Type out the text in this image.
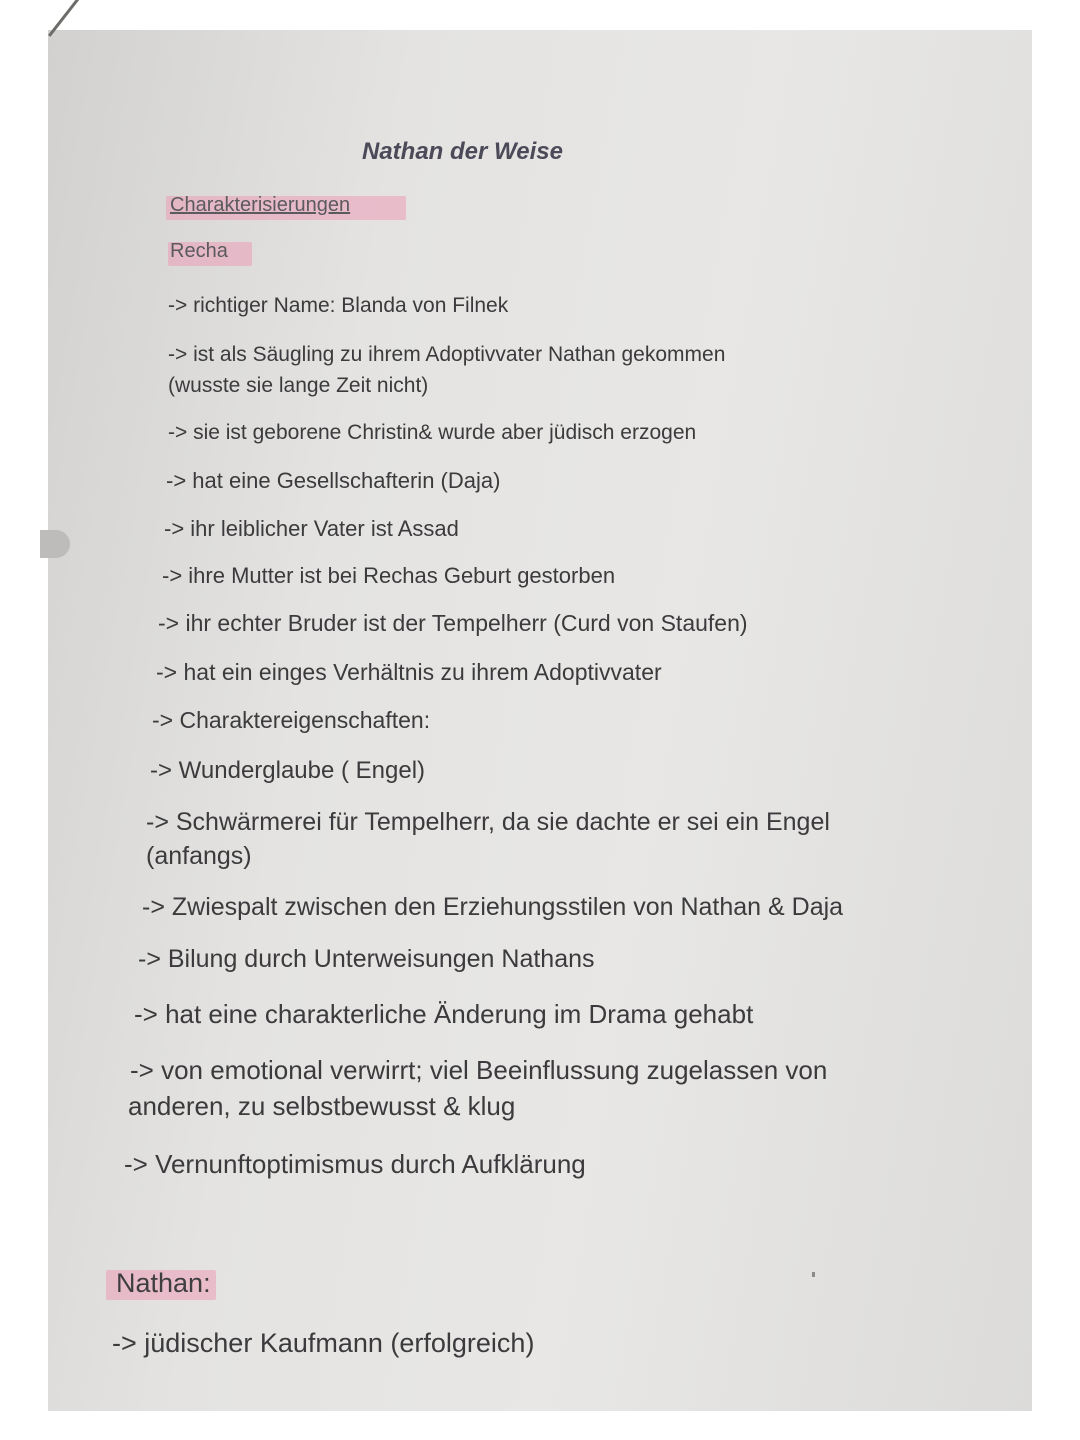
Nathan der Weise
Charakterisierungen
Recha
-> richtiger Name: Blanda von Filnek
-> ist als Säugling zu ihrem Adoptivvater Nathan gekommen
(wusste sie lange Zeit nicht)
-> sie ist geborene Christin& wurde aber jüdisch erzogen
-> hat eine Gesellschafterin (Daja)
-> ihr leiblicher Vater ist Assad
-> ihre Mutter ist bei Rechas Geburt gestorben
-> ihr echter Bruder ist der Tempelherr (Curd von Staufen)
-> hat ein einges Verhältnis zu ihrem Adoptivvater
-> Charaktereigenschaften:
-> Wunderglaube ( Engel)
-> Schwärmerei für Tempelherr, da sie dachte er sei ein Engel
(anfangs)
-> Zwiespalt zwischen den Erziehungsstilen von Nathan & Daja
-> Bilung durch Unterweisungen Nathans
-> hat eine charakterliche Änderung im Drama gehabt
-> von emotional verwirrt; viel Beeinflussung zugelassen von
anderen, zu selbstbewusst & klug
-> Vernunftoptimismus durch Aufklärung
Nathan:
-> jüdischer Kaufmann (erfolgreich)
